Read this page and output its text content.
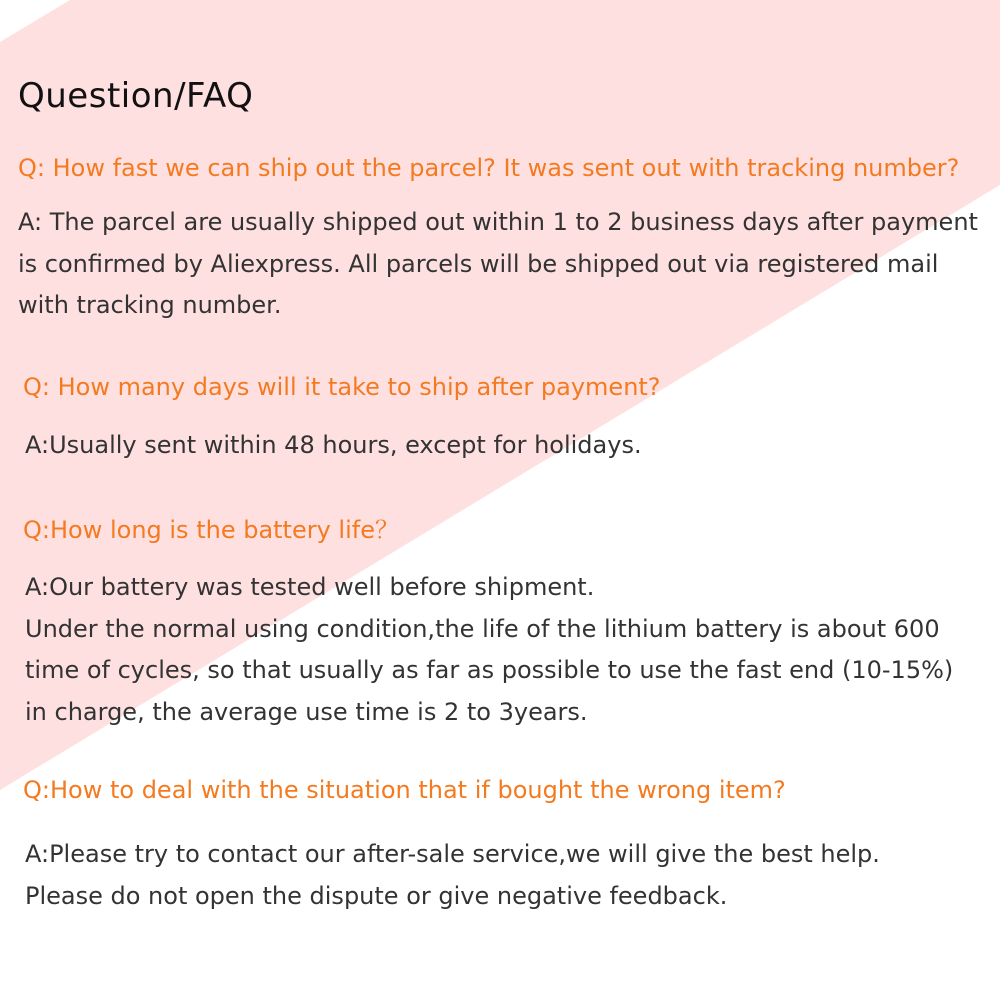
Question/FAQ

Q: How fast we can ship out the parcel? It was sent out with tracking number?

A: The parcel are usually shipped out within 1 to 2 business days after payment
is confirmed by Aliexpress. All parcels will be shipped out via registered mail
with tracking number.

Q: How many days will it take to ship after payment?

A:Usually sent within 48 hours, except for holidays.

Q:How long is the battery life？

A:Our battery was tested well before shipment.
Under the normal using condition,the life of the lithium battery is about 600
time of cycles, so that usually as far as possible to use the fast end (10-15%)
in charge, the average use time is 2 to 3years.

Q:How to deal with the situation that if bought the wrong item?

A:Please try to contact our after-sale service,we will give the best help.
Please do not open the dispute or give negative feedback.
